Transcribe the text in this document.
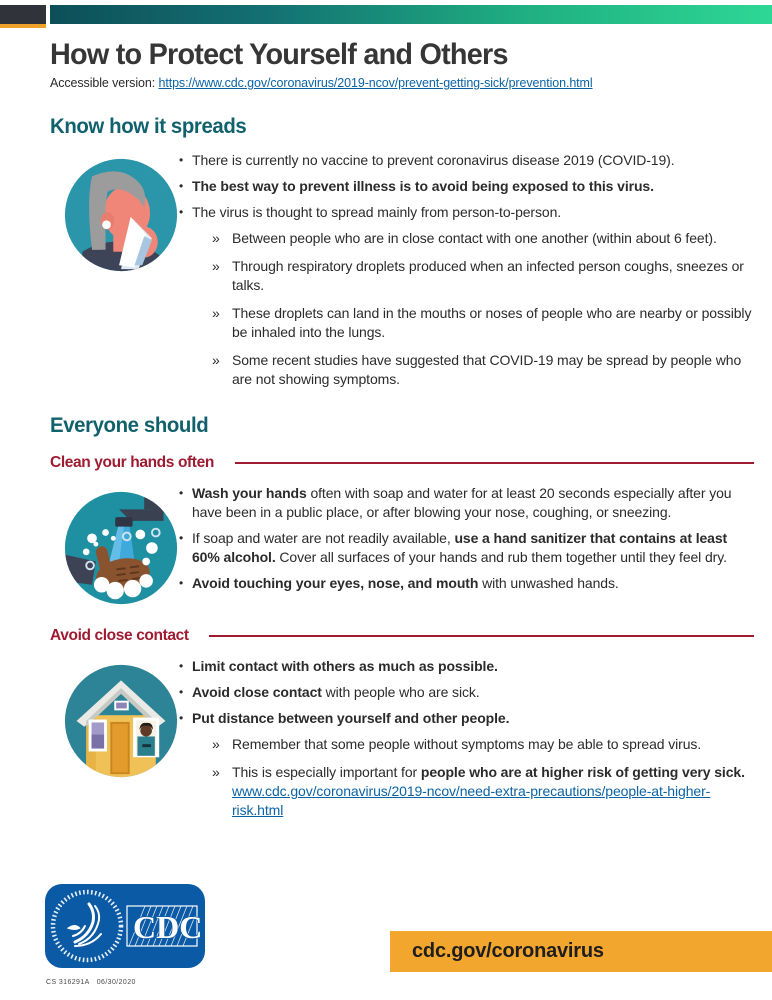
How to Protect Yourself and Others
Accessible version: https://www.cdc.gov/coronavirus/2019-ncov/prevent-getting-sick/prevention.html
Know how it spreads
• There is currently no vaccine to prevent coronavirus disease 2019 (COVID-19).
• The best way to prevent illness is to avoid being exposed to this virus.
• The virus is thought to spread mainly from person-to-person.
» Between people who are in close contact with one another (within about 6 feet).
» Through respiratory droplets produced when an infected person coughs, sneezes or talks.
» These droplets can land in the mouths or noses of people who are nearby or possibly be inhaled into the lungs.
» Some recent studies have suggested that COVID-19 may be spread by people who are not showing symptoms.
Everyone should
Clean your hands often
• Wash your hands often with soap and water for at least 20 seconds especially after you have been in a public place, or after blowing your nose, coughing, or sneezing.
• If soap and water are not readily available, use a hand sanitizer that contains at least 60% alcohol. Cover all surfaces of your hands and rub them together until they feel dry.
• Avoid touching your eyes, nose, and mouth with unwashed hands.
Avoid close contact
• Limit contact with others as much as possible.
• Avoid close contact with people who are sick.
• Put distance between yourself and other people.
» Remember that some people without symptoms may be able to spread virus.
» This is especially important for people who are at higher risk of getting very sick. www.cdc.gov/coronavirus/2019-ncov/need-extra-precautions/people-at-higher-risk.html
CDC
CS 316291A 06/30/2020
cdc.gov/coronavirus
